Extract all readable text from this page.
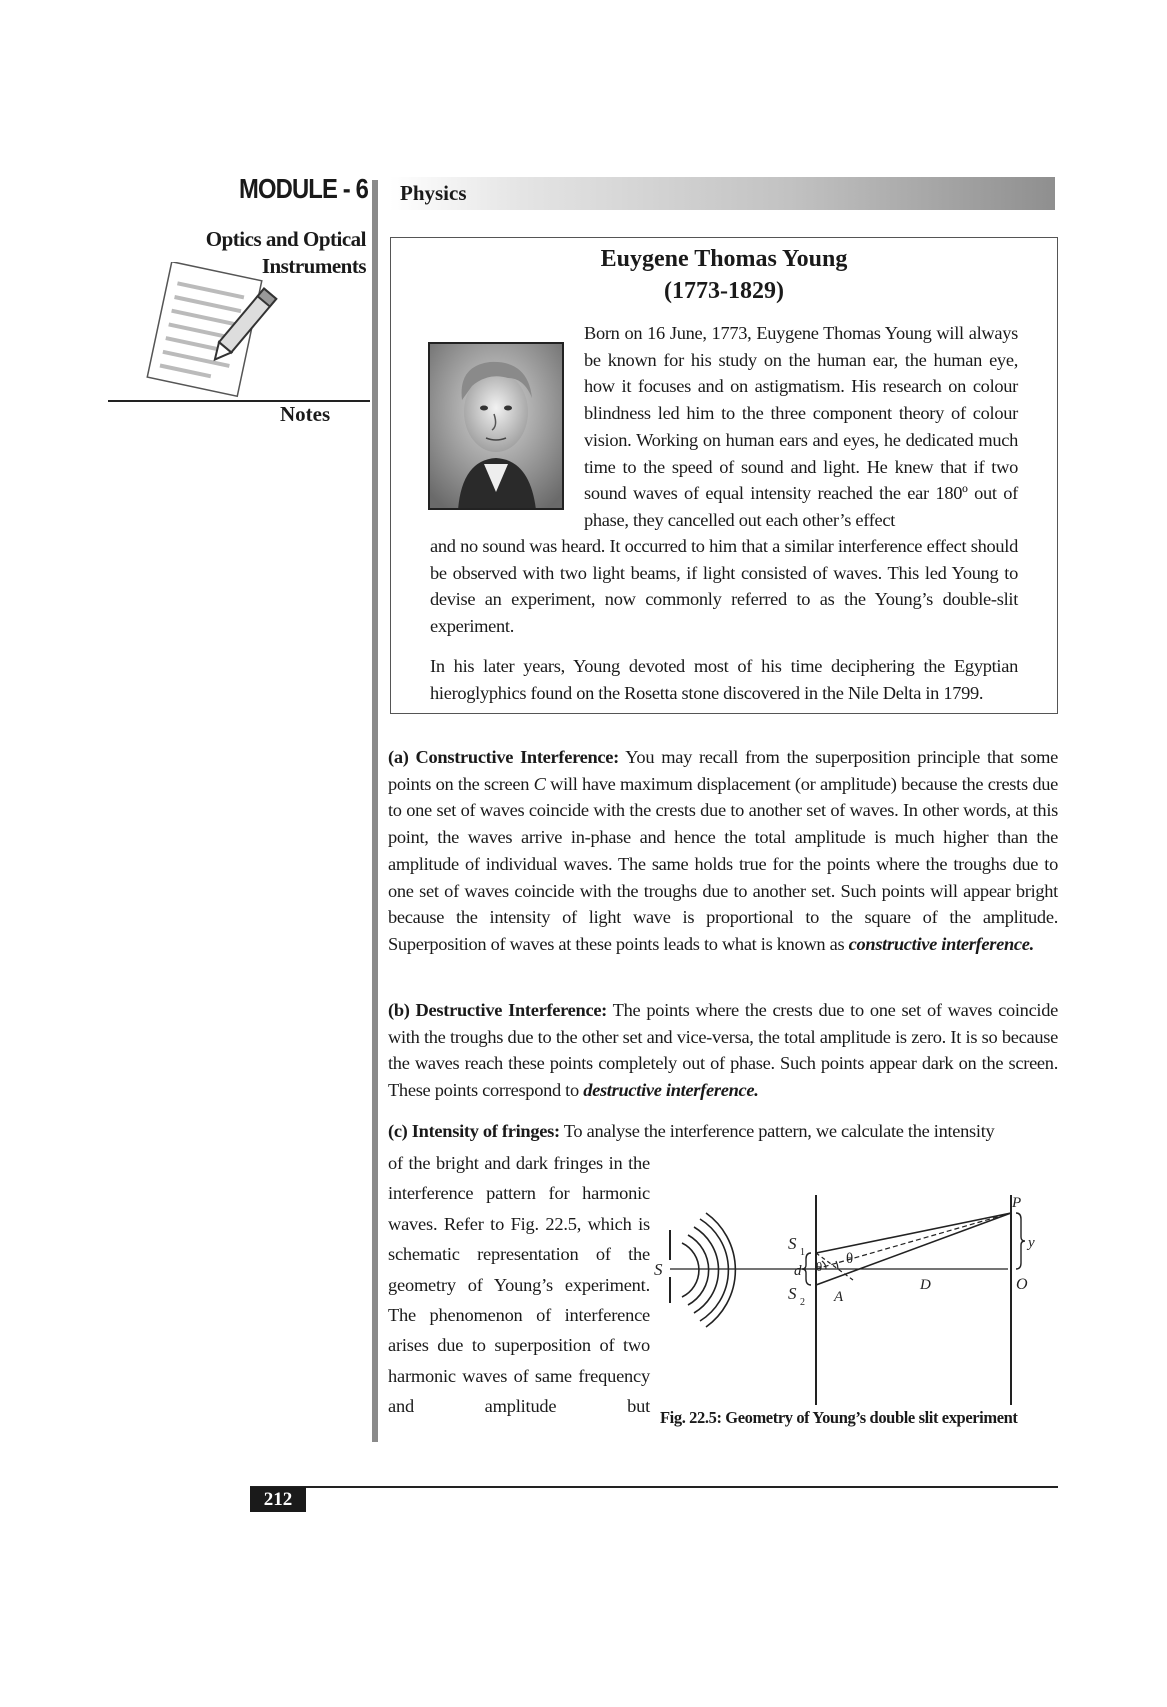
MODULE - 6
Optics and Optical
Instruments
Notes
Physics
Euygene Thomas Young
(1773-1829)
Born on 16 June, 1773, Euygene Thomas Young will always be known for his study on the human ear, the human eye, how it focuses and on astigmatism. His research on colour blindness led him to the three component theory of colour vision. Working on human ears and eyes, he dedicated much time to the speed of sound and light. He knew that if two sound waves of equal intensity reached the ear 180º out of phase, they cancelled out each other’s effect
and no sound was heard. It occurred to him that a similar interference effect should be observed with two light beams, if light consisted of waves. This led Young to devise an experiment, now commonly referred to as the Young’s double-slit experiment.
In his later years, Young devoted most of his time deciphering the Egyptian hieroglyphics found on the Rosetta stone discovered in the Nile Delta in 1799.
(a) Constructive Interference: You may recall from the superposition principle that some points on the screen C will have maximum displacement (or amplitude) because the crests due to one set of waves coincide with the crests due to another set of waves. In other words, at this point, the waves arrive in-phase and hence the total amplitude is much higher than the amplitude of individual waves. The same holds true for the points where the troughs due to one set of waves coincide with the troughs due to another set. Such points will appear bright because the intensity of light wave is proportional to the square of the amplitude. Superposition of waves at these points leads to what is known as constructive interference.
(b) Destructive Interference: The points where the crests due to one set of waves coincide with the troughs due to the other set and vice-versa, the total amplitude is zero. It is so because the waves reach these points completely out of phase. Such points appear dark on the screen. These points correspond to destructive interference.
(c) Intensity of fringes: To analyse the interference pattern, we calculate the intensity
of the bright and dark fringes in the interference pattern for harmonic waves. Refer to Fig. 22.5, which is schematic representation of the geometry of Young’s experiment. The phenomenon of interference arises due to superposition of two harmonic waves of same frequency and amplitude but
S
S 1
S 2
d θ θ
A
D
P
y
O
Fig. 22.5: Geometry of Young’s double slit experiment
212
